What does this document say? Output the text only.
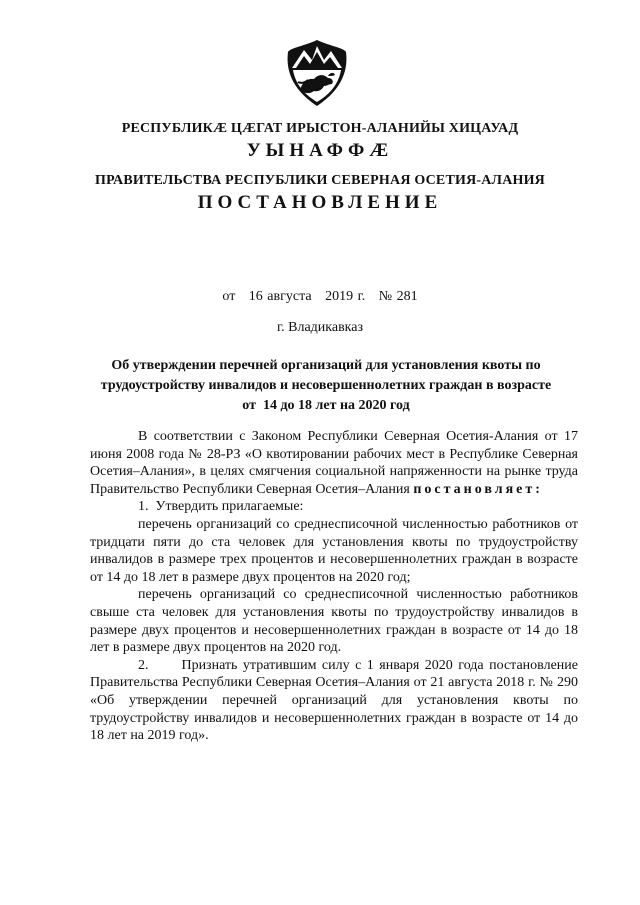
РЕСПУБЛИКӔ ЦӔГАТ ИРЫСТОН-АЛАНИЙЫ ХИЦАУАД
УЫНАФФӔ
ПРАВИТЕЛЬСТВА РЕСПУБЛИКИ СЕВЕРНАЯ ОСЕТИЯ-АЛАНИЯ
ПОСТАНОВЛЕНИЕ
от   16 августа   2019 г.   № 281
г. Владикавказ
Об утверждении перечней организаций для установления квоты по
трудоустройству инвалидов и несовершеннолетних граждан в возрасте
от  14 до 18 лет на 2020 год

В соответствии с Законом Республики Северная Осетия-Алания от 17 июня 2008 года № 28-РЗ «О квотировании рабочих мест в Республике Северная Осетия–Алания», в целях смягчения социальной напряженности на рынке труда Правительство Республики Северная Осетия–Алания постановляет:

1.  Утвердить прилагаемые:

перечень организаций со среднесписочной численностью работников от тридцати пяти до ста человек для установления квоты по трудоустройству инвалидов в размере трех процентов и несовершеннолетних граждан в возрасте от 14 до 18 лет в размере двух процентов на 2020 год;

перечень организаций со среднесписочной численностью работников свыше ста человек для установления квоты по трудоустройству инвалидов в размере двух процентов и несовершеннолетних граждан в возрасте от 14 до 18 лет в размере двух процентов на 2020 год.

2.      Признать утратившим силу с 1 января 2020 года постановление Правительства Республики Северная Осетия–Алания от 21 августа 2018 г. № 290 «Об утверждении перечней организаций для установления квоты по трудоустройству инвалидов и несовершеннолетних граждан в возрасте от 14 до 18 лет на 2019 год».
